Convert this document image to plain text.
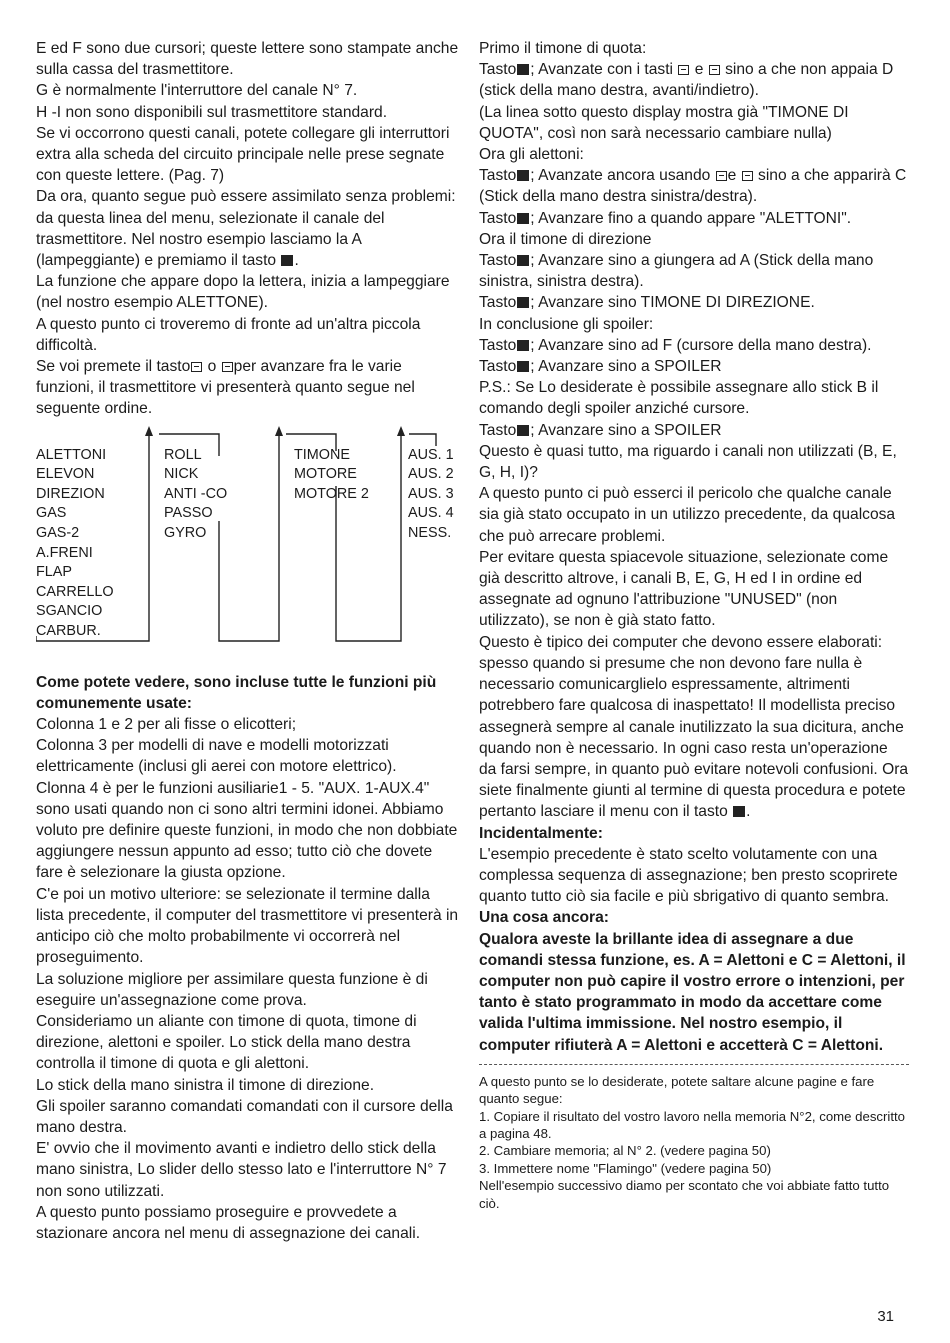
E ed F sono due cursori; queste lettere sono stampate anche sulla cassa del trasmettitore.

G è normalmente l'interruttore del canale N° 7.

H -I non sono disponibili sul trasmettitore standard.

Se vi occorrono questi canali, potete collegare gli interruttori extra alla scheda del circuito principale nelle prese segnate con queste lettere. (Pag. 7)

Da ora, quanto segue può essere assimilato senza problemi: da questa linea del menu, selezionate il canale del trasmettitore. Nel nostro esempio lasciamo la A (lampeggiante) e premiamo il tasto .

La funzione che appare dopo la lettera, inizia a lampeggiare (nel nostro esempio ALETTONE).

A questo punto ci troveremo di fronte ad un'altra piccola difficoltà.

Se voi premete il tasto o per avanzare fra le varie funzioni, il trasmettitore vi presenterà quanto segue nel seguente ordine.

ALETTONI
ELEVON
DIREZION
GAS
GAS-2
A.FRENI
FLAP
CARRELLO
SGANCIO
CARBUR.
ROLL
NICK
ANTI -CO
PASSO
GYRO
TIMONE
MOTORE
MOTORE 2
AUS. 1
AUS. 2
AUS. 3
AUS. 4
NESS.

Come potete vedere, sono incluse tutte le funzioni più comunemente usate:

Colonna 1 e 2 per ali fisse o elicotteri;

Colonna 3 per modelli di nave e modelli motorizzati elettricamente (inclusi gli aerei con motore elettrico).

Clonna 4 è per le funzioni ausiliarie1 - 5. "AUX. 1-AUX.4" sono usati quando non ci sono altri termini idonei. Abbiamo voluto pre definire queste funzioni, in modo che non dobbiate aggiungere nessun appunto ad esso; tutto ciò che dovete fare è selezionare la giusta opzione.

C'e poi un motivo ulteriore: se selezionate il termine dalla lista precedente, il computer del trasmettitore vi presenterà in anticipo ciò che molto probabilmente vi occorrerà nel proseguimento.

La soluzione migliore per assimilare questa funzione è di eseguire un'assegnazione come prova.

Consideriamo un aliante con timone di quota, timone di direzione, alettoni e spoiler. Lo stick della mano destra controlla il timone di quota e gli alettoni.

Lo stick della mano sinistra il timone di direzione.

Gli spoiler saranno comandati comandati con il cursore della mano destra.

E' ovvio che il movimento avanti e indietro dello stick della mano sinistra, Lo slider dello stesso lato e l'interruttore N° 7 non sono utilizzati.

A questo punto possiamo proseguire e provvedete a stazionare ancora nel menu di assegnazione dei canali.

Primo il timone di quota:

Tasto ; Avanzate con i tasti e sino a che non appaia D (stick della mano destra, avanti/indietro).

(La linea sotto questo display mostra già "TIMONE DI QUOTA", così non sarà necessario cambiare nulla)

Ora gli alettoni:

Tasto ; Avanzate ancora usando e sino a che apparirà C (Stick della mano destra sinistra/destra).

Tasto ; Avanzare fino a quando appare "ALETTONI".

Ora il timone di direzione

Tasto ; Avanzare sino a giungera ad A (Stick della mano sinistra, sinistra destra).

Tasto ; Avanzare sino TIMONE DI DIREZIONE.

In conclusione gli spoiler:

Tasto ; Avanzare sino ad F (cursore della mano destra).

Tasto ; Avanzare sino a SPOILER

P.S.: Se Lo desiderate è possibile assegnare allo stick B il comando degli spoiler anziché cursore.

Tasto ; Avanzare sino a SPOILER

Questo è quasi tutto, ma riguardo i canali non utilizzati (B, E, G, H, I)?

A questo punto ci può esserci il pericolo che qualche canale sia già stato occupato in un utilizzo precedente, da qualcosa che può arrecare problemi.

Per evitare questa spiacevole situazione, selezionate come già descritto altrove, i canali B, E, G, H ed I in ordine ed assegnate ad ognuno l'attribuzione "UNUSED" (non utilizzato), se non è già stato fatto.

Questo è tipico dei computer che devono essere elaborati: spesso quando si presume che non devono fare nulla è necessario comunicarglielo espressamente, altrimenti potrebbero fare qualcosa di inaspettato! Il modellista preciso assegnerà sempre al canale inutilizzato la sua dicitura, anche quando non è necessario. In ogni caso resta un'operazione da farsi sempre, in quanto può evitare notevoli confusioni. Ora siete finalmente giunti al termine di questa procedura e potete pertanto lasciare il menu con il tasto .

Incidentalmente:

L'esempio precedente è stato scelto volutamente con una complessa sequenza di assegnazione; ben presto scoprirete quanto tutto ciò sia facile e più sbrigativo di quanto sembra.

Una cosa ancora:

Qualora aveste la brillante idea di assegnare a due comandi stessa funzione, es. A = Alettoni e C = Alettoni, il computer non può capire il vostro errore o intenzioni, per tanto è stato programmato in modo da accettare come valida l'ultima immissione. Nel nostro esempio, il computer rifiuterà A = Alettoni e accetterà C = Alettoni.

A questo punto se lo desiderate, potete saltare alcune pagine e fare quanto segue:

1. Copiare il risultato del vostro lavoro nella memoria N°2, come descritto a pagina 48.

2. Cambiare memoria; al N° 2. (vedere pagina 50)

3. Immettere nome "Flamingo" (vedere pagina 50)

Nell'esempio successivo diamo per scontato che voi abbiate fatto tutto ciò.

31
